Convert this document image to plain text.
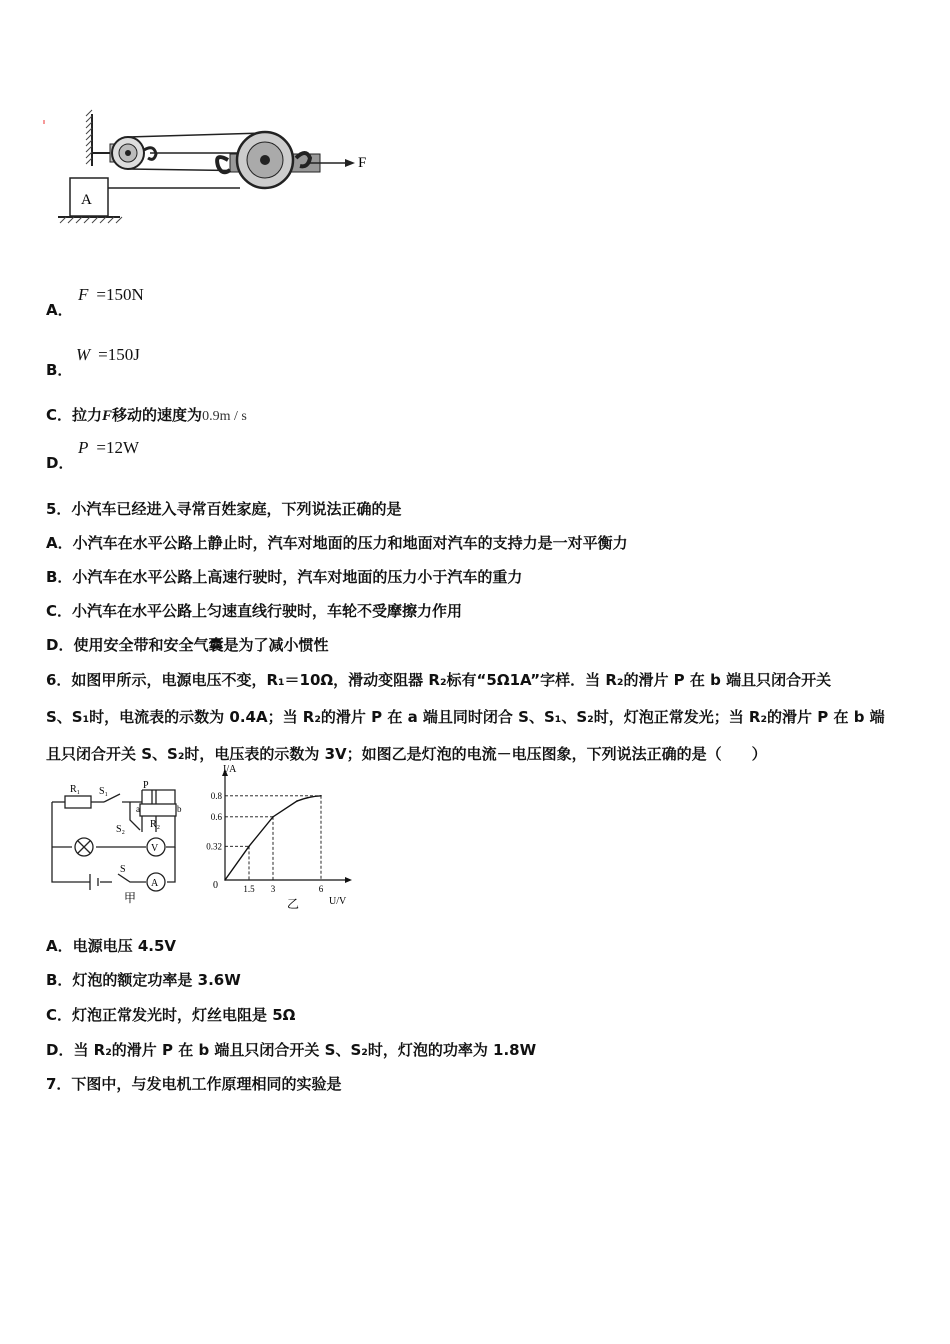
F
A
A．
F =150N
B．
W =150J
C．拉力F移动的速度为0.9m / s
D．
P =12W
5．小汽车已经进入寻常百姓家庭，下列说法正确的是
A．小汽车在水平公路上静止时，汽车对地面的压力和地面对汽车的支持力是一对平衡力
B．小汽车在水平公路上高速行驶时，汽车对地面的压力小于汽车的重力
C．小汽车在水平公路上匀速直线行驶时，车轮不受摩擦力作用
D．使用安全带和安全气囊是为了减小惯性
6．如图甲所示，电源电压不变，R₁＝10Ω，滑动变阻器 R₂标有“5Ω1A”字样．当 R₂的滑片 P 在 b 端且只闭合开关
S、S₁时，电流表的示数为 0.4A；当 R₂的滑片 P 在 a 端且同时闭合 S、S₁、S₂时，灯泡正常发光；当 R₂的滑片 P 在 b 端
且只闭合开关 S、S₂时，电压表的示数为 3V；如图乙是灯泡的电流－电压图象，下列说法正确的是（　　）
R₁ S₁
P
a	b
R₂
S₂
V
S
A
甲
I/A
U/V
乙
0	1.5 3	6
0.32
0.6
0.8
A．电源电压 4.5V
B．灯泡的额定功率是 3.6W
C．灯泡正常发光时，灯丝电阻是 5Ω
D．当 R₂的滑片 P 在 b 端且只闭合开关 S、S₂时，灯泡的功率为 1.8W
7．下图中，与发电机工作原理相同的实验是
